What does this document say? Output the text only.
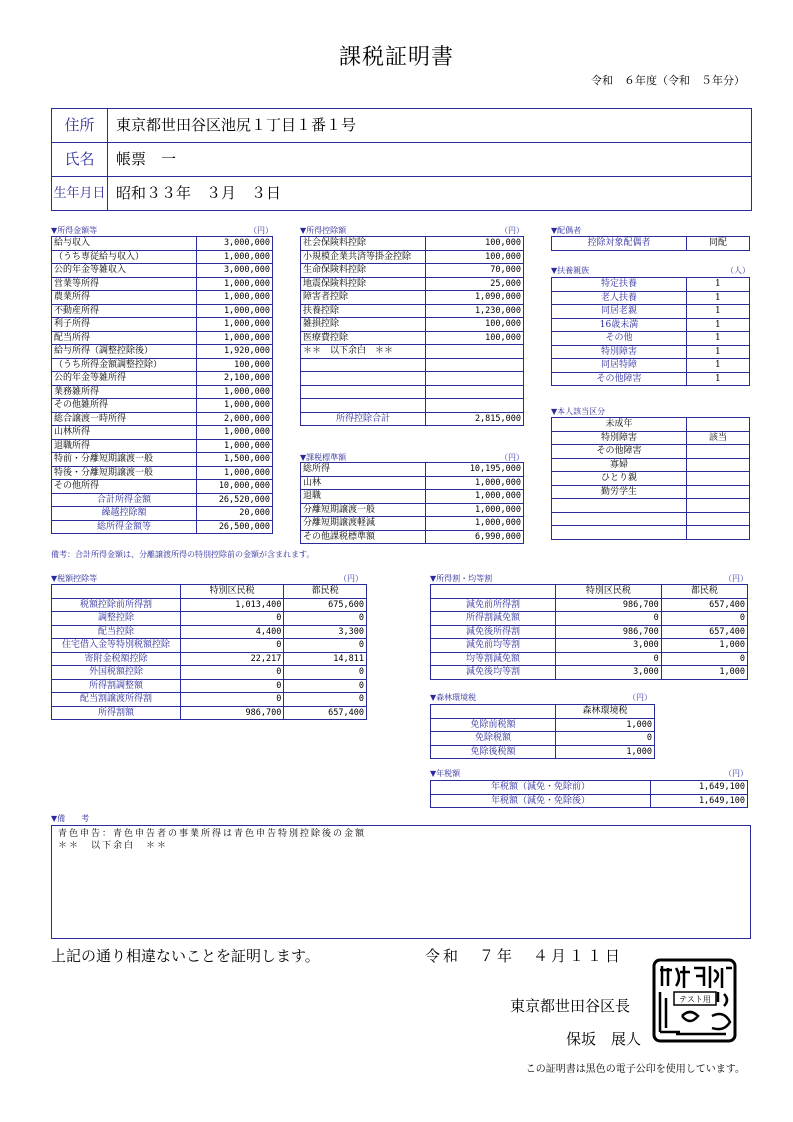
課税証明書
令和　６年度（令和　５年分）
住所	東京都世田谷区池尻１丁目１番１号
氏名	帳票　一
生年月日 昭和３３年　３月　３日
▼所得金額等	（円）	▼所得控除額	（円）
▼課税標準額	（円）
▼配偶者
▼扶養親族	（人）
▼本人該当区分
▼税額控除等	（円）	▼所得割・均等割	（円）
▼森林環境税	（円）
▼年税額	（円）
▼備　　考
給与収入	3,000,000
（うち専従給与収入）	1,000,000
公的年金等雑収入	3,000,000
営業等所得	1,000,000
農業所得	1,000,000
不動産所得	1,000,000
利子所得	1,000,000
配当所得	1,000,000
給与所得（調整控除後）	1,920,000
（うち所得金額調整控除）	100,000
公的年金等雑所得	2,100,000
業務雑所得	1,000,000
その他雑所得	1,000,000
総合譲渡一時所得	2,000,000
山林所得	1,000,000
退職所得	1,000,000
特前・分離短期譲渡一般	1,500,000
特後・分離短期譲渡一般	1,000,000
その他所得	10,000,000
合計所得金額	26,520,000
繰越控除額	20,000
総所得金額等	26,500,000
社会保険料控除	100,000
小規模企業共済等掛金控除	100,000
生命保険料控除	70,000
地震保険料控除	25,000
障害者控除	1,090,000
扶養控除	1,230,000
雑損控除	100,000
医療費控除	100,000
＊＊　以下余白　＊＊	

所得控除合計	2,815,000
総所得	10,195,000
山林	1,000,000
退職	1,000,000
分離短期譲渡一般	1,000,000
分離短期譲渡軽減	1,000,000
その他課税標準額	6,990,000
控除対象配偶者	同配
特定扶養	1
老人扶養	1
同居老親	1
16歳未満	1
その他	1
特別障害	1
同居特障	1
その他障害	1
未成年	
特別障害	該当
その他障害	
寡婦	
ひとり親	
勤労学生	

	特別区民税	都民税
税額控除前所得割	1,013,400	675,600
調整控除	0	0
配当控除	4,400	3,300
住宅借入金等特別税額控除	0	0
寄附金税額控除	22,217	14,811
外国税額控除	0	0
所得割調整額	0	0
配当割譲渡所得割	0	0
所得割額	986,700	657,400
	特別区民税	都民税
減免前所得割	986,700	657,400
所得割減免額	0	0
減免後所得割	986,700	657,400
減免前均等割	3,000	1,000
均等割減免額	0	0
減免後均等割	3,000	1,000
	森林環境税
免除前税額	1,000
免除税額	0
免除後税額	1,000
年税額（減免・免除前）	1,649,100
年税額（減免・免除後）	1,649,100
備考：合計所得金額は、分離譲渡所得の特別控除前の金額が含まれます。
青色申告：青色申告者の事業所得は青色申告特別控除後の金額
＊＊　以下余白　＊＊
上記の通り相違ないことを証明します。	令和　７年　４月１１日
東京都世田谷区長
保坂　展人
テスト用
この証明書は黒色の電子公印を使用しています。
